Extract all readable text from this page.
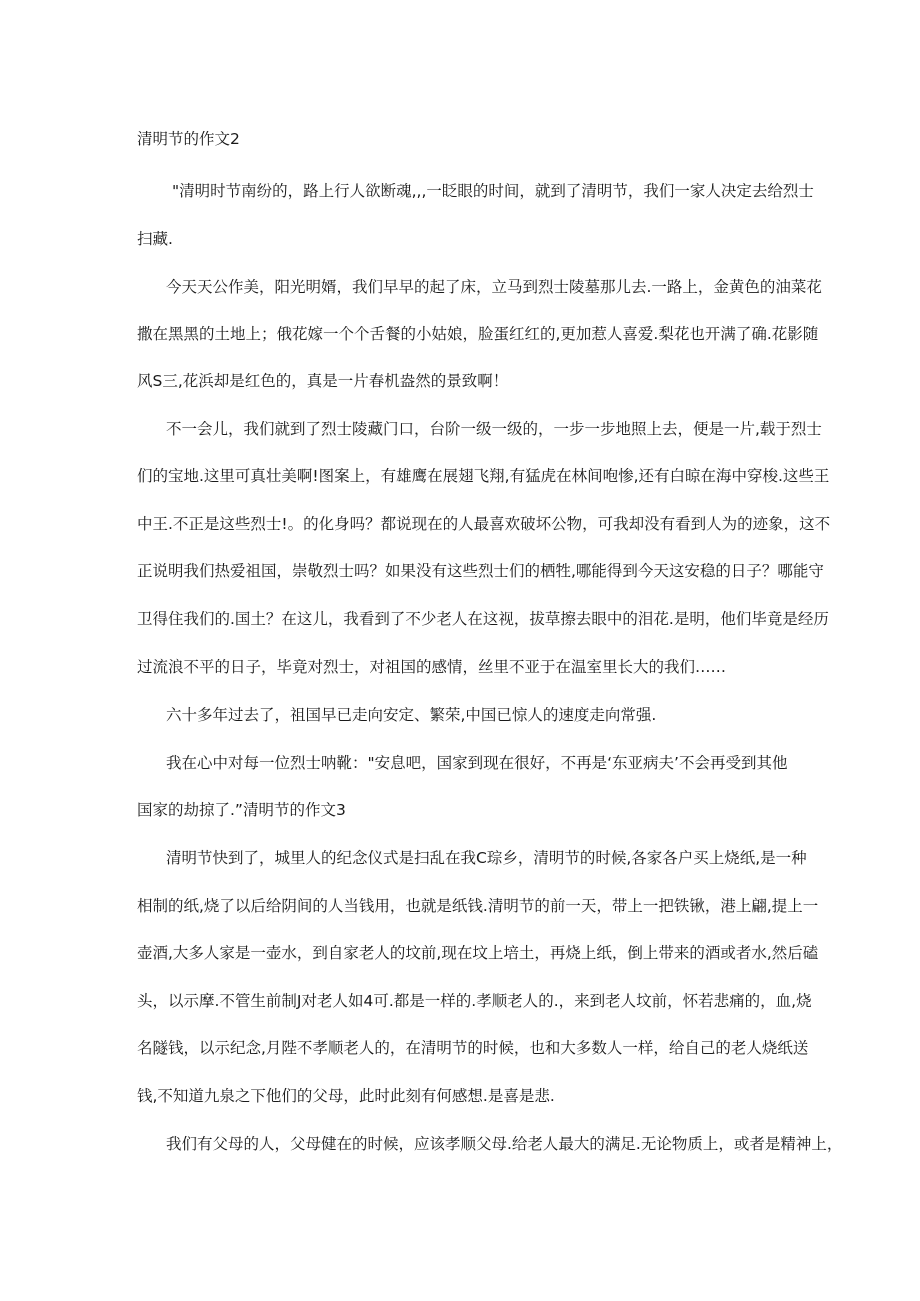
清明节的作文2
"清明时节南纷的，路上行人欲断魂,,,一眨眼的时间，就到了清明节，我们一家人决定去给烈士
扫藏.
今天天公作美，阳光明婿，我们早早的起了床，立马到烈士陵墓那儿去.一路上，金黄色的油菜花
撒在黑黑的土地上；俄花嫁一个个舌餐的小姑娘，脸蛋红红的,更加惹人喜爱.梨花也开满了确.花影随
风S三,花浜却是红色的，真是一片春机盎然的景致啊！
不一会儿，我们就到了烈士陵藏门口，台阶一级一级的，一步一步地照上去，便是一片,载于烈士
们的宝地.这里可真壮美啊!图案上，有雄鹰在展翅飞翔,有猛虎在林间咆惨,还有白晾在海中穿梭.这些王
中王.不正是这些烈士!。的化身吗？都说现在的人最喜欢破坏公物，可我却没有看到人为的迹象，这不
正说明我们热爱祖国，崇敬烈士吗？如果没有这些烈士们的栖牲,哪能得到今天这安稳的日子？哪能守
卫得住我们的.国土？在这儿，我看到了不少老人在这视，拔草擦去眼中的泪花.是明，他们毕竟是经历
过流浪不平的日子，毕竟对烈士，对祖国的感情，丝里不亚于在温室里长大的我们……
六十多年过去了，祖国早已走向安定、繁荣,中国已惊人的速度走向常强.
我在心中对每一位烈士呐靴："安息吧，国家到现在很好，不再是‘东亚病夫’不会再受到其他
国家的劫掠了.”清明节的作文3
清明节快到了，城里人的纪念仪式是扫乱在我C琮乡，清明节的时候,各家各户买上烧纸,是一种
相制的纸,烧了以后给阴间的人当钱用，也就是纸钱.清明节的前一天，带上一把铁锹，港上翩,提上一
壶酒,大多人家是一壶水，到自家老人的坟前,现在坟上培土，再烧上纸，倒上带来的酒或者水,然后磕
头，以示摩.不管生前制J对老人如4可.都是一样的.孝顺老人的.，来到老人坟前，怀若悲痛的，血,烧
名隧钱，以示纪念,月陛不孝顺老人的，在清明节的时候，也和大多数人一样，给自己的老人烧纸送
钱,不知道九泉之下他们的父母，此时此刻有何感想.是喜是悲.
我们有父母的人，父母健在的时候，应该孝顺父母.给老人最大的满足.无论物质上，或者是精神上，
